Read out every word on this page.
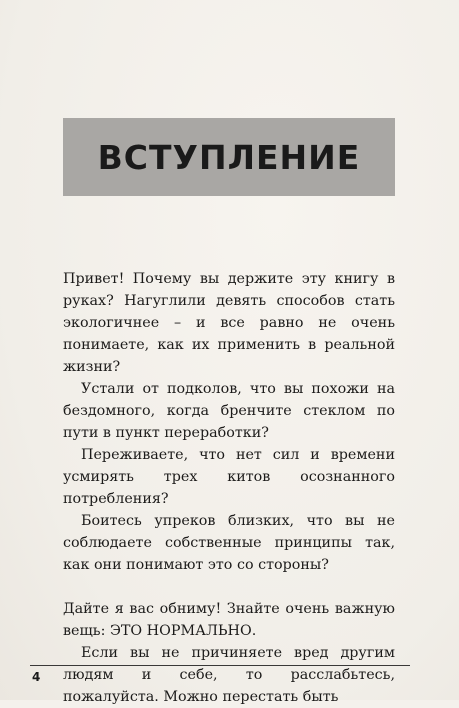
ВСТУПЛЕНИЕ

Привет! Почему вы держите эту книгу в руках? Нагуглили девять способов стать экологичнее – и все равно не очень понимаете, как их применить в реальной жизни?

Устали от подколов, что вы похожи на бездомного, когда бренчите стеклом по пути в пункт переработки?

Переживаете, что нет сил и времени усмирять трех китов осознанного потребления?

Боитесь упреков близких, что вы не соблюдаете собственные принципы так, как они понимают это со стороны?

Дайте я вас обниму! Знайте очень важную вещь: ЭТО НОРМАЛЬНО.

Если вы не причиняете вред другим людям и себе, то расслабьтесь, пожалуйста. Можно перестать быть

4
